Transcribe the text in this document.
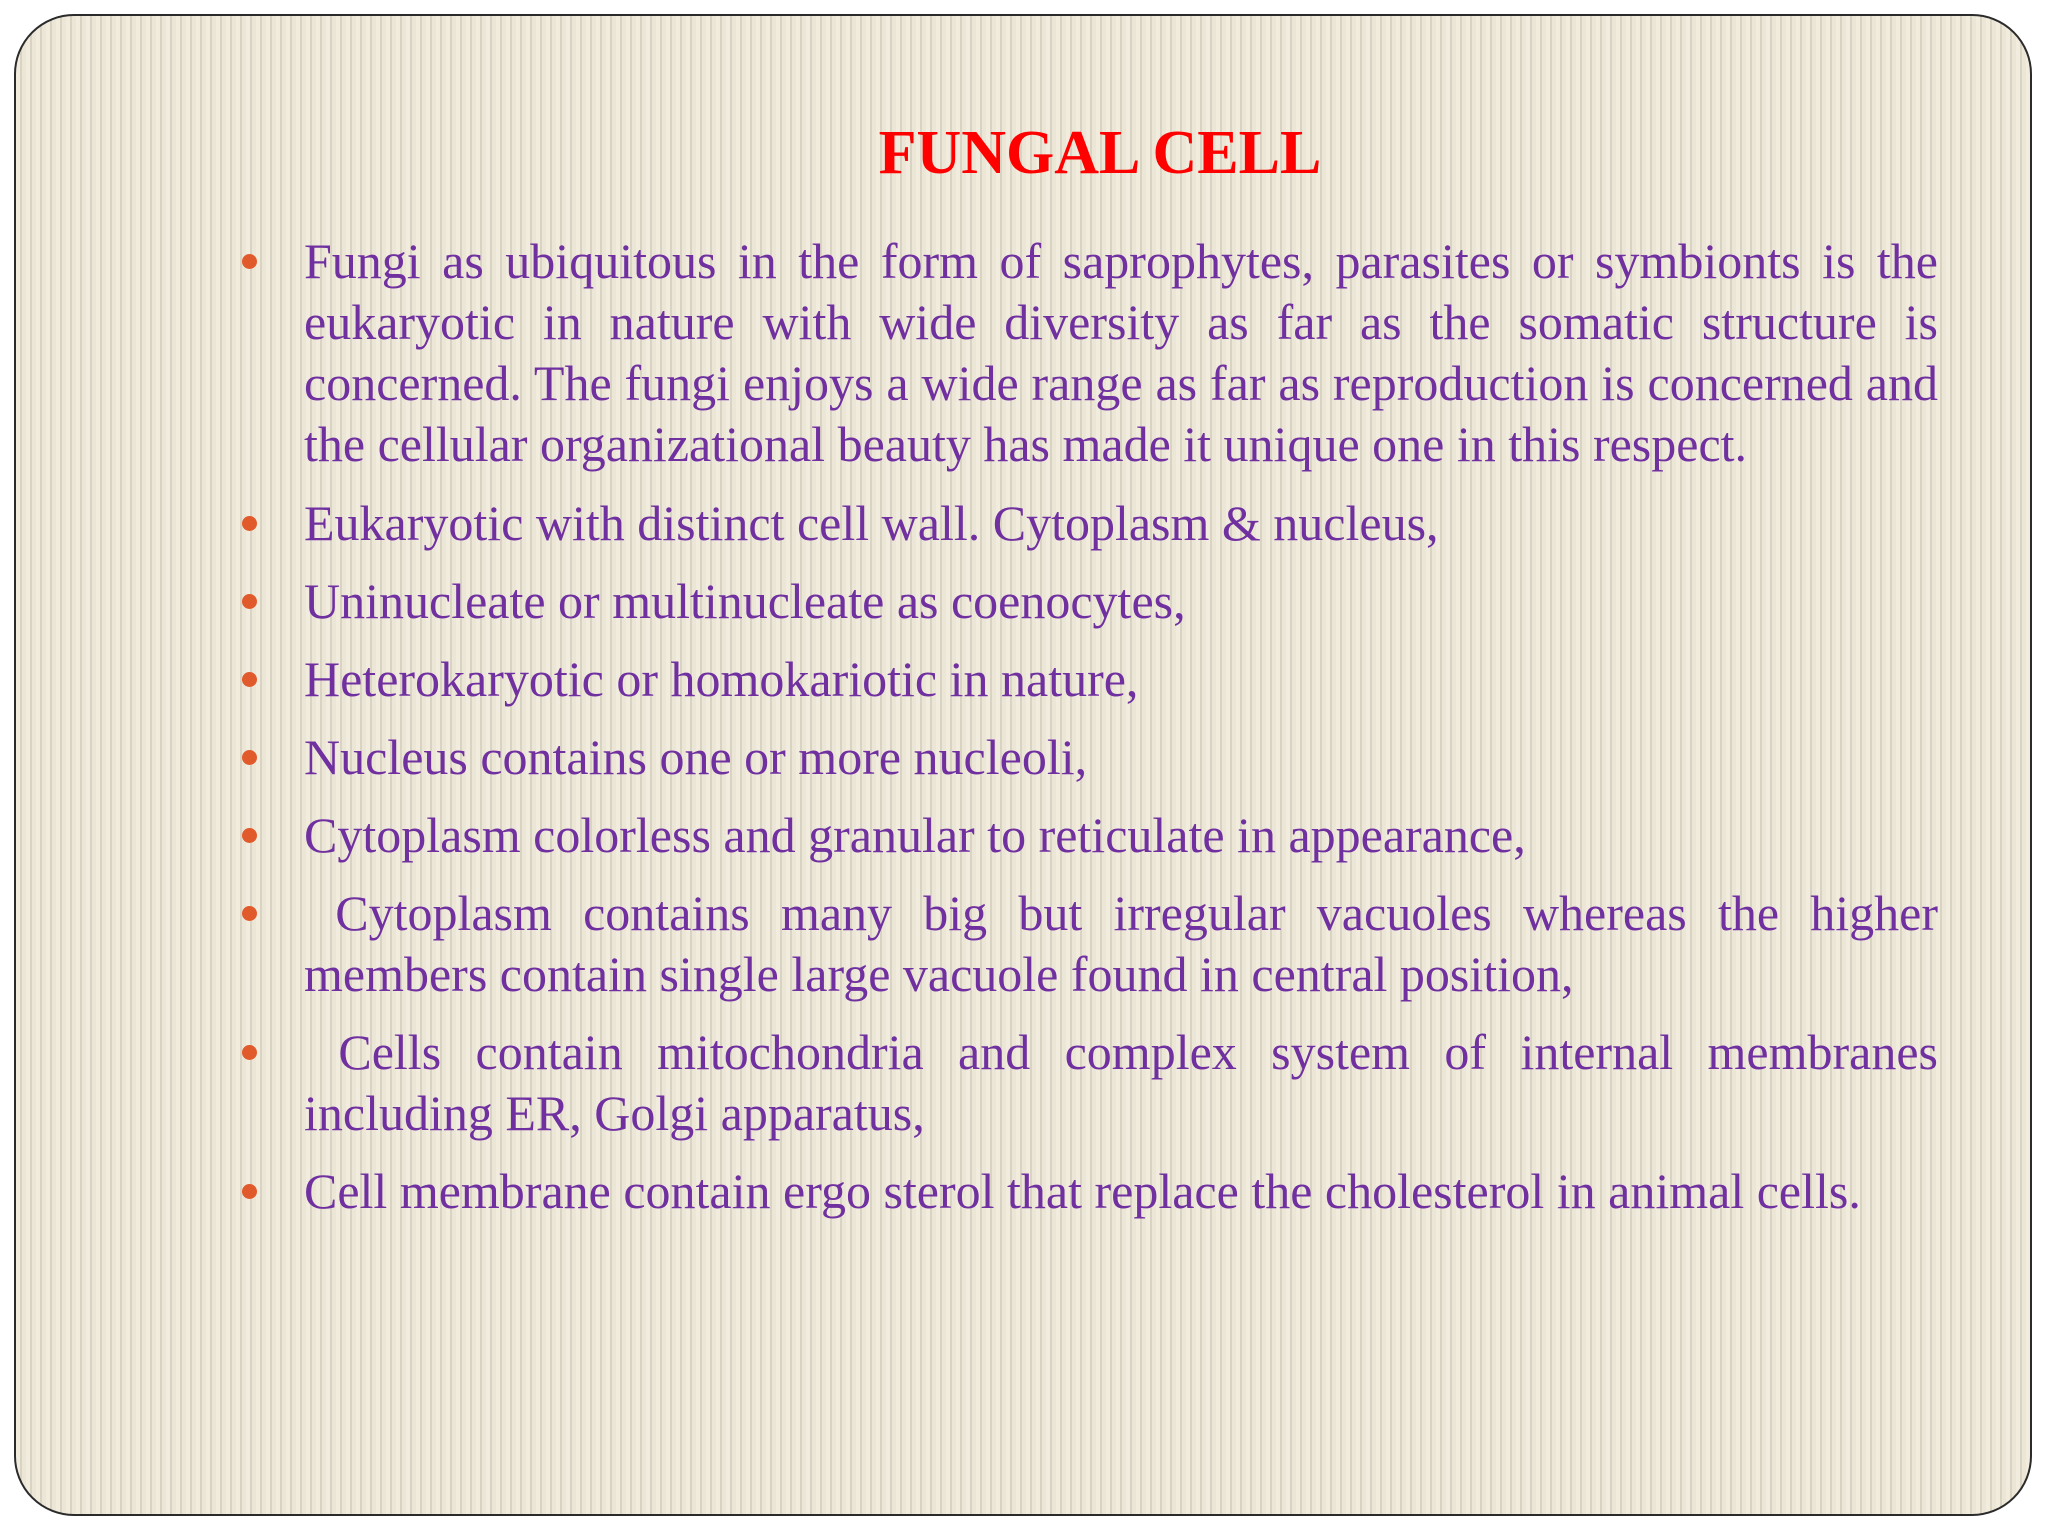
FUNGAL CELL
Fungi as ubiquitous in the form of saprophytes, parasites or symbionts is the eukaryotic in nature with wide diversity as far as the somatic structure is concerned. The fungi enjoys a wide range as far as reproduction is concerned and the cellular organizational beauty has made it unique one in this respect.
Eukaryotic with distinct cell wall. Cytoplasm & nucleus,
Uninucleate or multinucleate as coenocytes,
Heterokaryotic or homokariotic in nature,
Nucleus contains one or more nucleoli,
Cytoplasm colorless and granular to reticulate in appearance,
Cytoplasm contains many big but irregular vacuoles whereas the higher members contain single large vacuole found in central position,
Cells contain mitochondria and complex system of internal membranes including ER, Golgi apparatus,
Cell membrane contain ergo sterol that replace the cholesterol in animal cells.
